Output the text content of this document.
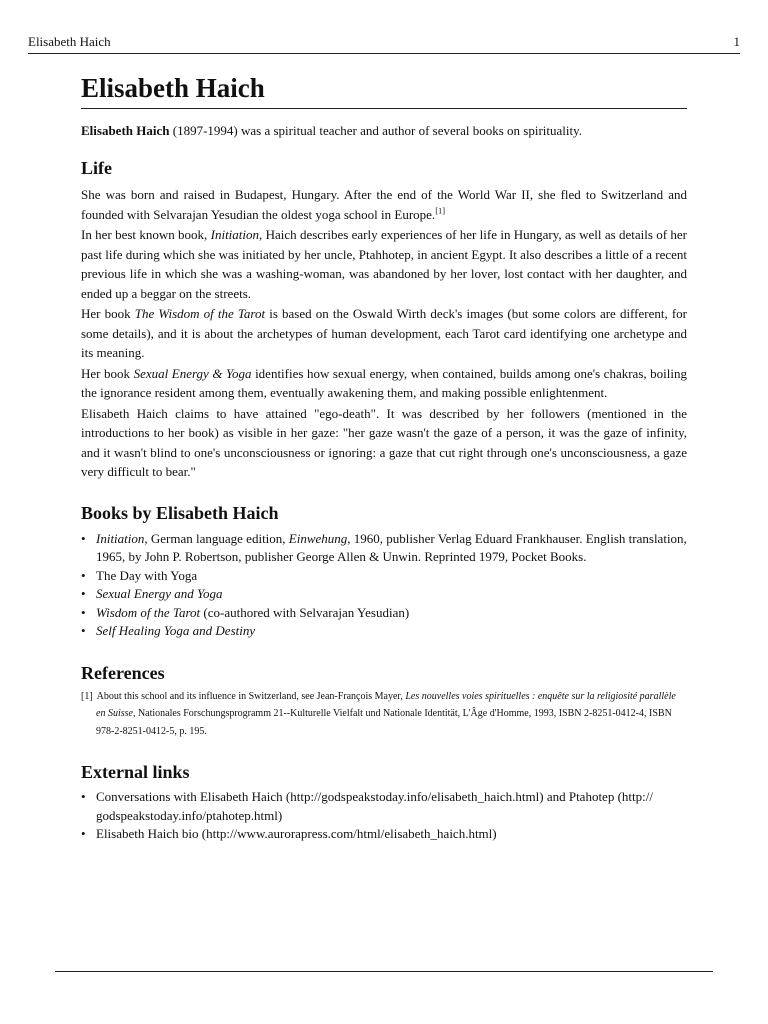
Elisabeth Haich	1
Elisabeth Haich

Elisabeth Haich (1897-1994) was a spiritual teacher and author of several books on spirituality.

Life

She was born and raised in Budapest, Hungary. After the end of the World War II, she fled to Switzerland and founded with Selvarajan Yesudian the oldest yoga school in Europe.[1]

In her best known book, Initiation, Haich describes early experiences of her life in Hungary, as well as details of her past life during which she was initiated by her uncle, Ptahhotep, in ancient Egypt. It also describes a little of a recent previous life in which she was a washing-woman, was abandoned by her lover, lost contact with her daughter, and ended up a beggar on the streets.

Her book The Wisdom of the Tarot is based on the Oswald Wirth deck's images (but some colors are different, for some details), and it is about the archetypes of human development, each Tarot card identifying one archetype and its meaning.

Her book Sexual Energy & Yoga identifies how sexual energy, when contained, builds among one's chakras, boiling the ignorance resident among them, eventually awakening them, and making possible enlightenment.

Elisabeth Haich claims to have attained "ego-death". It was described by her followers (mentioned in the introductions to her book) as visible in her gaze: "her gaze wasn't the gaze of a person, it was the gaze of infinity, and it wasn't blind to one's unconsciousness or ignoring: a gaze that cut right through one's unconsciousness, a gaze very difficult to bear."

Books by Elisabeth Haich
• Initiation, German language edition, Einwehung, 1960, publisher Verlag Eduard Frankhauser. English translation, 1965, by John P. Robertson, publisher George Allen & Unwin. Reprinted 1979, Pocket Books.
• The Day with Yoga
• Sexual Energy and Yoga
• Wisdom of the Tarot (co-authored with Selvarajan Yesudian)
• Self Healing Yoga and Destiny
References
[1] About this school and its influence in Switzerland, see Jean-François Mayer, Les nouvelles voies spirituelles : enquête sur la religiosité parallèle en Suisse, Nationales Forschungsprogramm 21--Kulturelle Vielfalt und Nationale Identität, L'Âge d'Homme, 1993, ISBN 2-8251-0412-4, ISBN 978-2-8251-0412-5, p. 195.
External links
• Conversations with Elisabeth Haich (http://godspeakstoday.info/elisabeth_haich.html) and Ptahotep (http:// godspeakstoday.info/ptahotep.html)
• Elisabeth Haich bio (http://www.aurorapress.com/html/elisabeth_haich.html)
